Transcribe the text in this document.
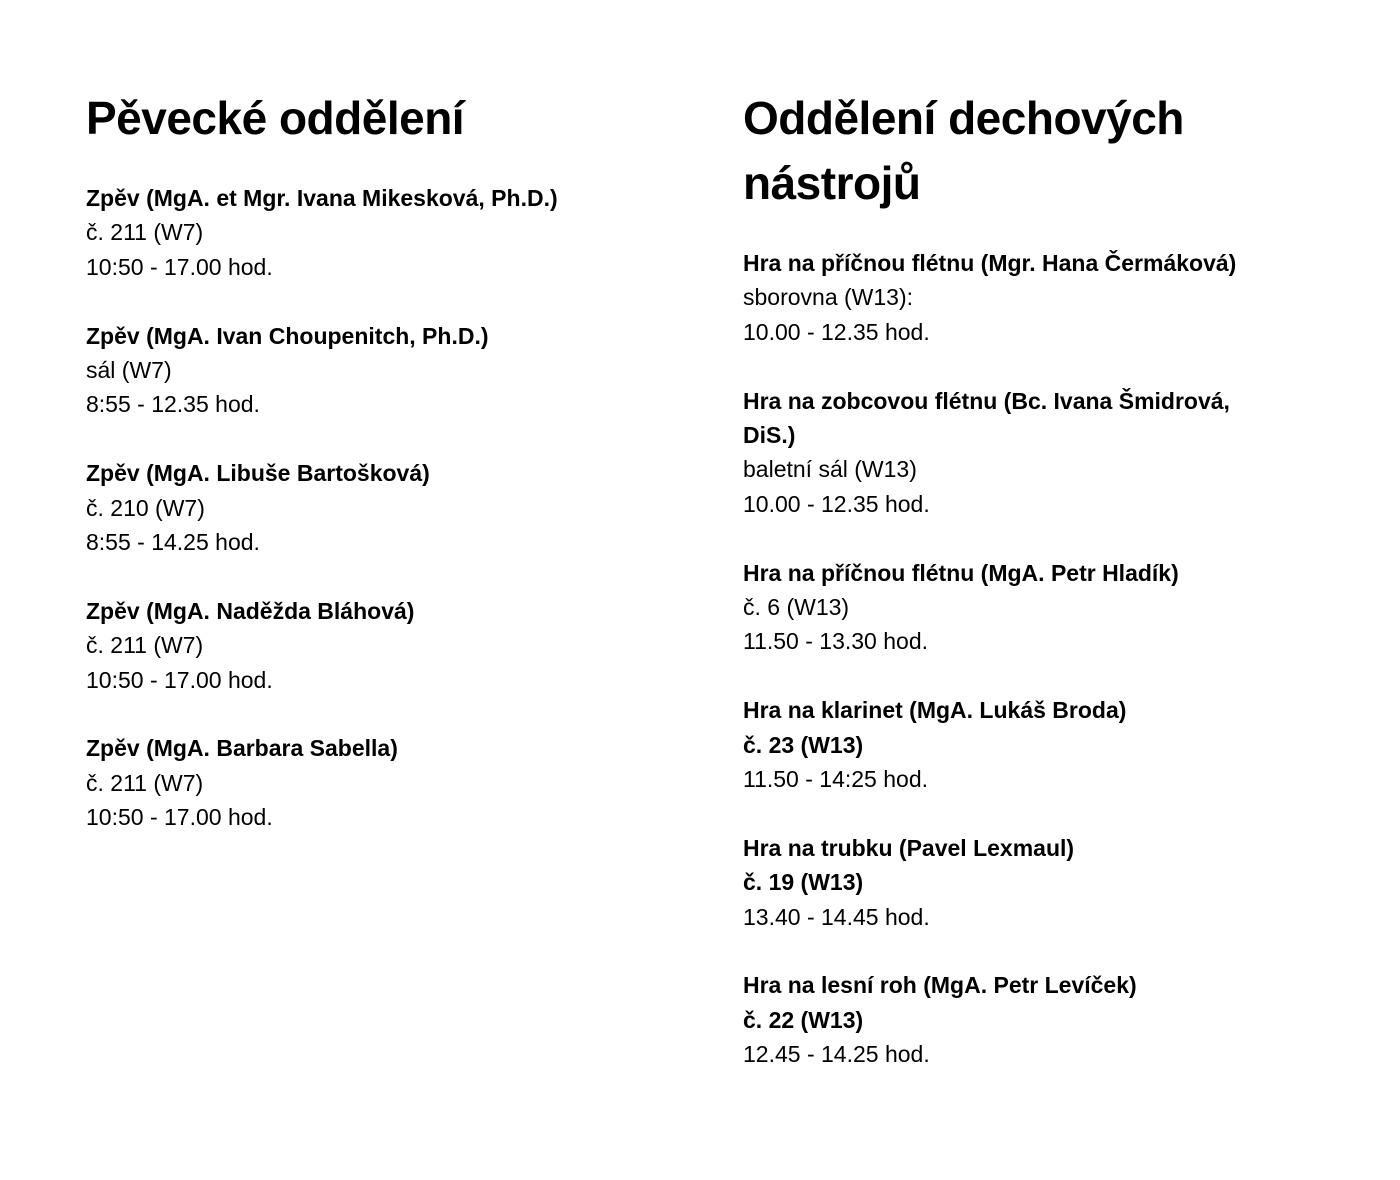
Pěvecké oddělení
Zpěv (MgA. et Mgr. Ivana Mikesková, Ph.D.)
č. 211 (W7)
10:50 - 17.00 hod.
Zpěv (MgA. Ivan Choupenitch, Ph.D.)
sál (W7)
8:55 - 12.35 hod.
Zpěv (MgA. Libuše Bartošková)
č. 210 (W7)
8:55 - 14.25 hod.
Zpěv (MgA. Naděžda Bláhová)
č. 211 (W7)
10:50 - 17.00 hod.
Zpěv (MgA. Barbara Sabella)
č. 211 (W7)
10:50 - 17.00 hod.
Oddělení dechových
nástrojů
Hra na příčnou flétnu (Mgr. Hana Čermáková)
sborovna (W13):
10.00 - 12.35 hod.
Hra na zobcovou flétnu (Bc. Ivana Šmidrová,
DiS.)
baletní sál (W13)
10.00 - 12.35 hod.
Hra na příčnou flétnu (MgA. Petr Hladík)
č. 6 (W13)
11.50 - 13.30 hod.
Hra na klarinet (MgA. Lukáš Broda)
č. 23 (W13)
11.50 - 14:25 hod.
Hra na trubku (Pavel Lexmaul)
č. 19 (W13)
13.40 - 14.45 hod.
Hra na lesní roh (MgA. Petr Levíček)
č. 22 (W13)
12.45 - 14.25 hod.
